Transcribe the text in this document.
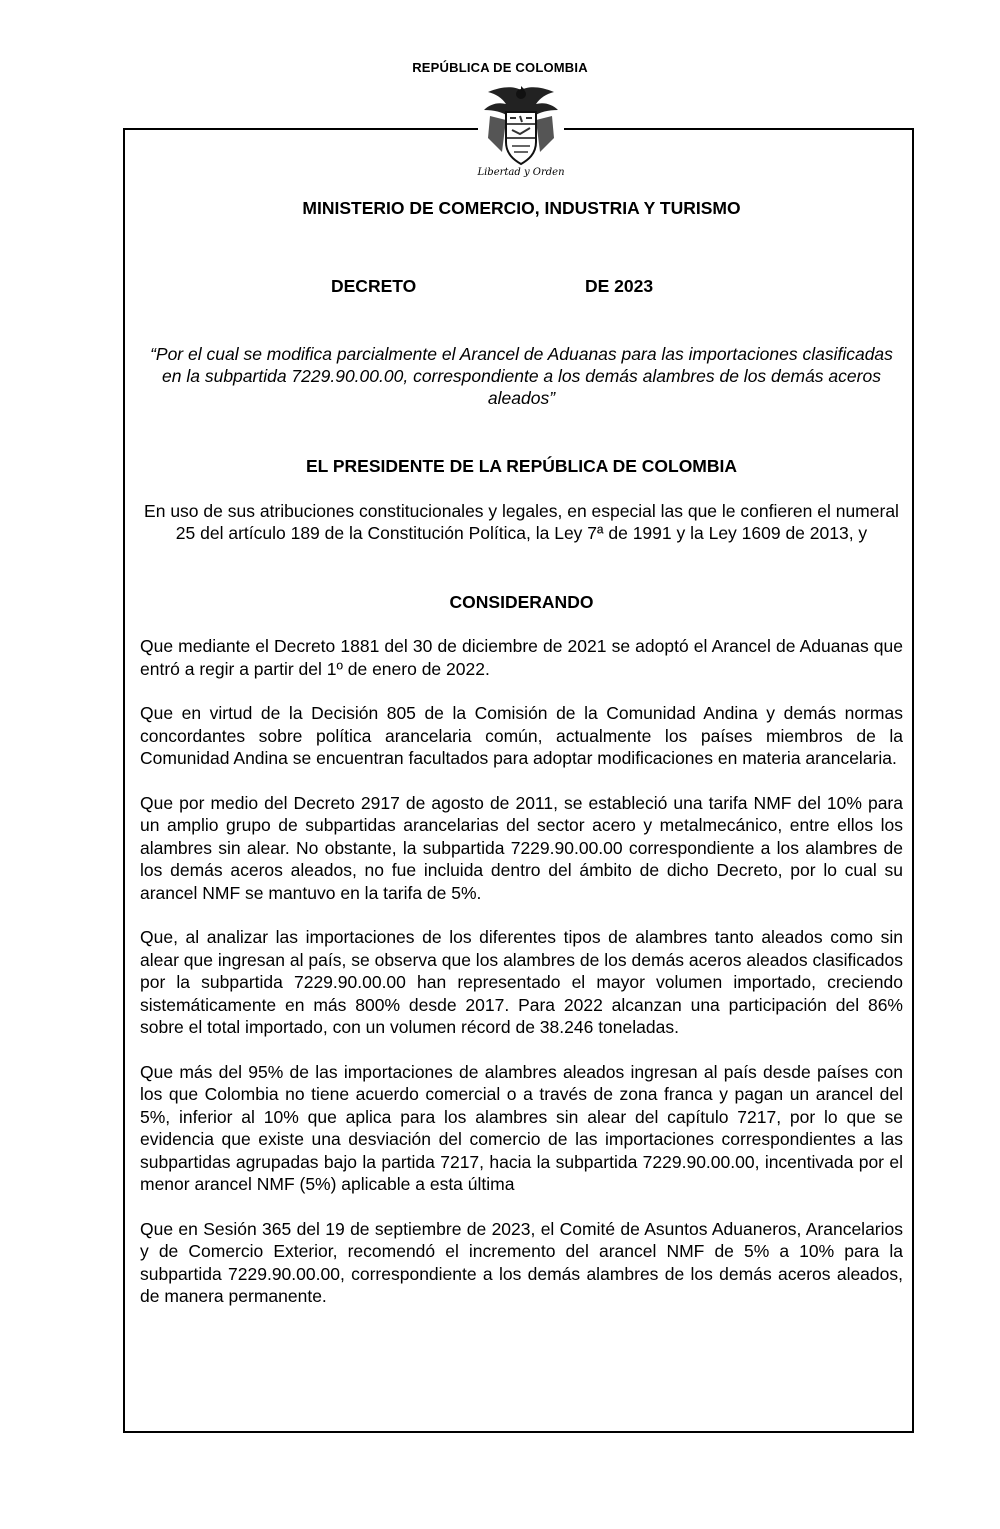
REPÚBLICA DE COLOMBIA
Libertad y Orden

MINISTERIO DE COMERCIO, INDUSTRIA Y TURISMO

DECRETO	DE 2023

“Por el cual se modifica parcialmente el Arancel de Aduanas para las importaciones clasificadas en la subpartida 7229.90.00.00, correspondiente a los demás alambres de los demás aceros aleados”

EL PRESIDENTE DE LA REPÚBLICA DE COLOMBIA

En uso de sus atribuciones constitucionales y legales, en especial las que le confieren el numeral 25 del artículo 189 de la Constitución Política, la Ley 7ª de 1991 y la Ley 1609 de 2013, y

CONSIDERANDO

Que mediante el Decreto 1881 del 30 de diciembre de 2021 se adoptó el Arancel de Aduanas que entró a regir a partir del 1º de enero de 2022.

Que en virtud de la Decisión 805 de la Comisión de la Comunidad Andina y demás normas concordantes sobre política arancelaria común, actualmente los países miembros de la Comunidad Andina se encuentran facultados para adoptar modificaciones en materia arancelaria.

Que por medio del Decreto 2917 de agosto de 2011, se estableció una tarifa NMF del 10% para un amplio grupo de subpartidas arancelarias del sector acero y metalmecánico, entre ellos los alambres sin alear. No obstante, la subpartida 7229.90.00.00 correspondiente a los alambres de los demás aceros aleados, no fue incluida dentro del ámbito de dicho Decreto, por lo cual su arancel NMF se mantuvo en la tarifa de 5%.

Que, al analizar las importaciones de los diferentes tipos de alambres tanto aleados como sin alear que ingresan al país, se observa que los alambres de los demás aceros aleados clasificados por la subpartida 7229.90.00.00 han representado el mayor volumen importado, creciendo sistemáticamente en más 800% desde 2017. Para 2022 alcanzan una participación del 86% sobre el total importado, con un volumen récord de 38.246 toneladas.

Que más del 95% de las importaciones de alambres aleados ingresan al país desde países con los que Colombia no tiene acuerdo comercial o a través de zona franca y pagan un arancel del 5%, inferior al 10% que aplica para los alambres sin alear del capítulo 7217, por lo que se evidencia que existe una desviación del comercio de las importaciones correspondientes a las subpartidas agrupadas bajo la partida 7217, hacia la subpartida 7229.90.00.00, incentivada por el menor arancel NMF (5%) aplicable a esta última

Que en Sesión 365 del 19 de septiembre de 2023, el Comité de Asuntos Aduaneros, Arancelarios y de Comercio Exterior, recomendó el incremento del arancel NMF de 5% a 10% para la subpartida 7229.90.00.00, correspondiente a los demás alambres de los demás aceros aleados, de manera permanente.
